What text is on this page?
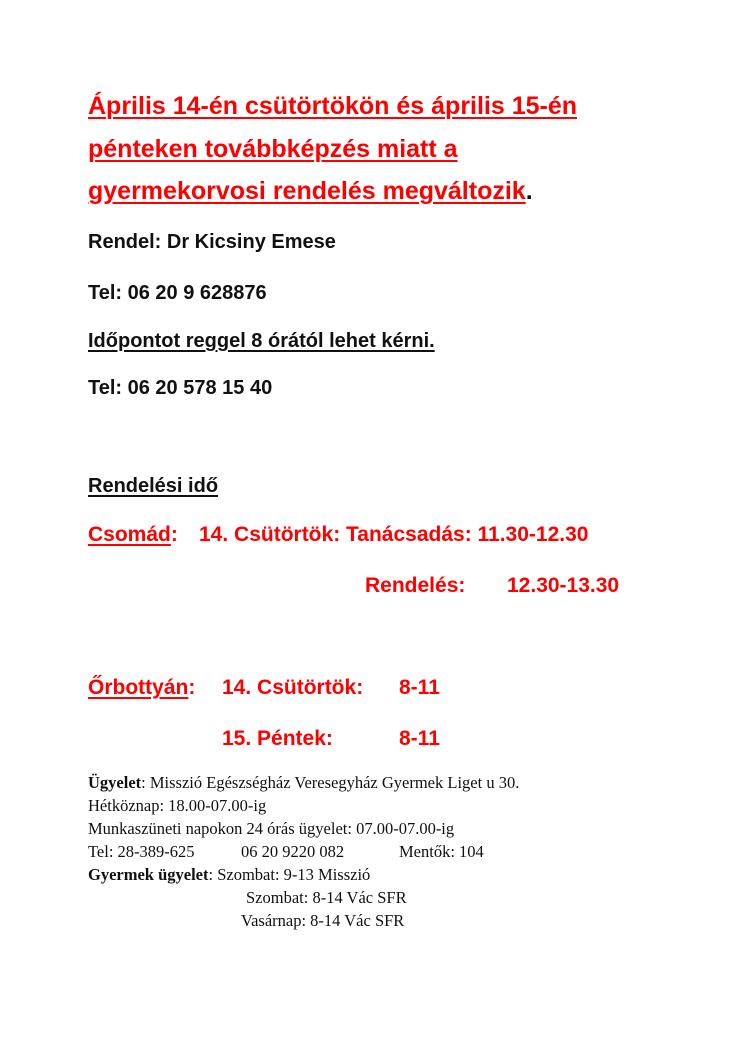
Április 14-én csütörtökön és április 15-én
pénteken továbbképzés miatt a
gyermekorvosi rendelés megváltozik.
Rendel: Dr Kicsiny Emese
Tel: 06 20 9 628876
Időpontot reggel 8 órától lehet kérni.
Tel: 06 20 578 15 40
Rendelési idő
Csomád: 14. Csütörtök: Tanácsadás: 11.30-12.30
Rendelés: 12.30-13.30
Őrbottyán: 14. Csütörtök: 8-11
15. Péntek:	8-11
Ügyelet: Misszió Egészségház Veresegyház Gyermek Liget u 30.
Hétköznap: 18.00-07.00-ig
Munkaszüneti napokon 24 órás ügyelet: 07.00-07.00-ig
Tel: 28-389-625	06 20 9220 082	Mentők: 104
Gyermek ügyelet: Szombat: 9-13 Misszió
Szombat: 8-14 Vác SFR
Vasárnap: 8-14 Vác SFR
